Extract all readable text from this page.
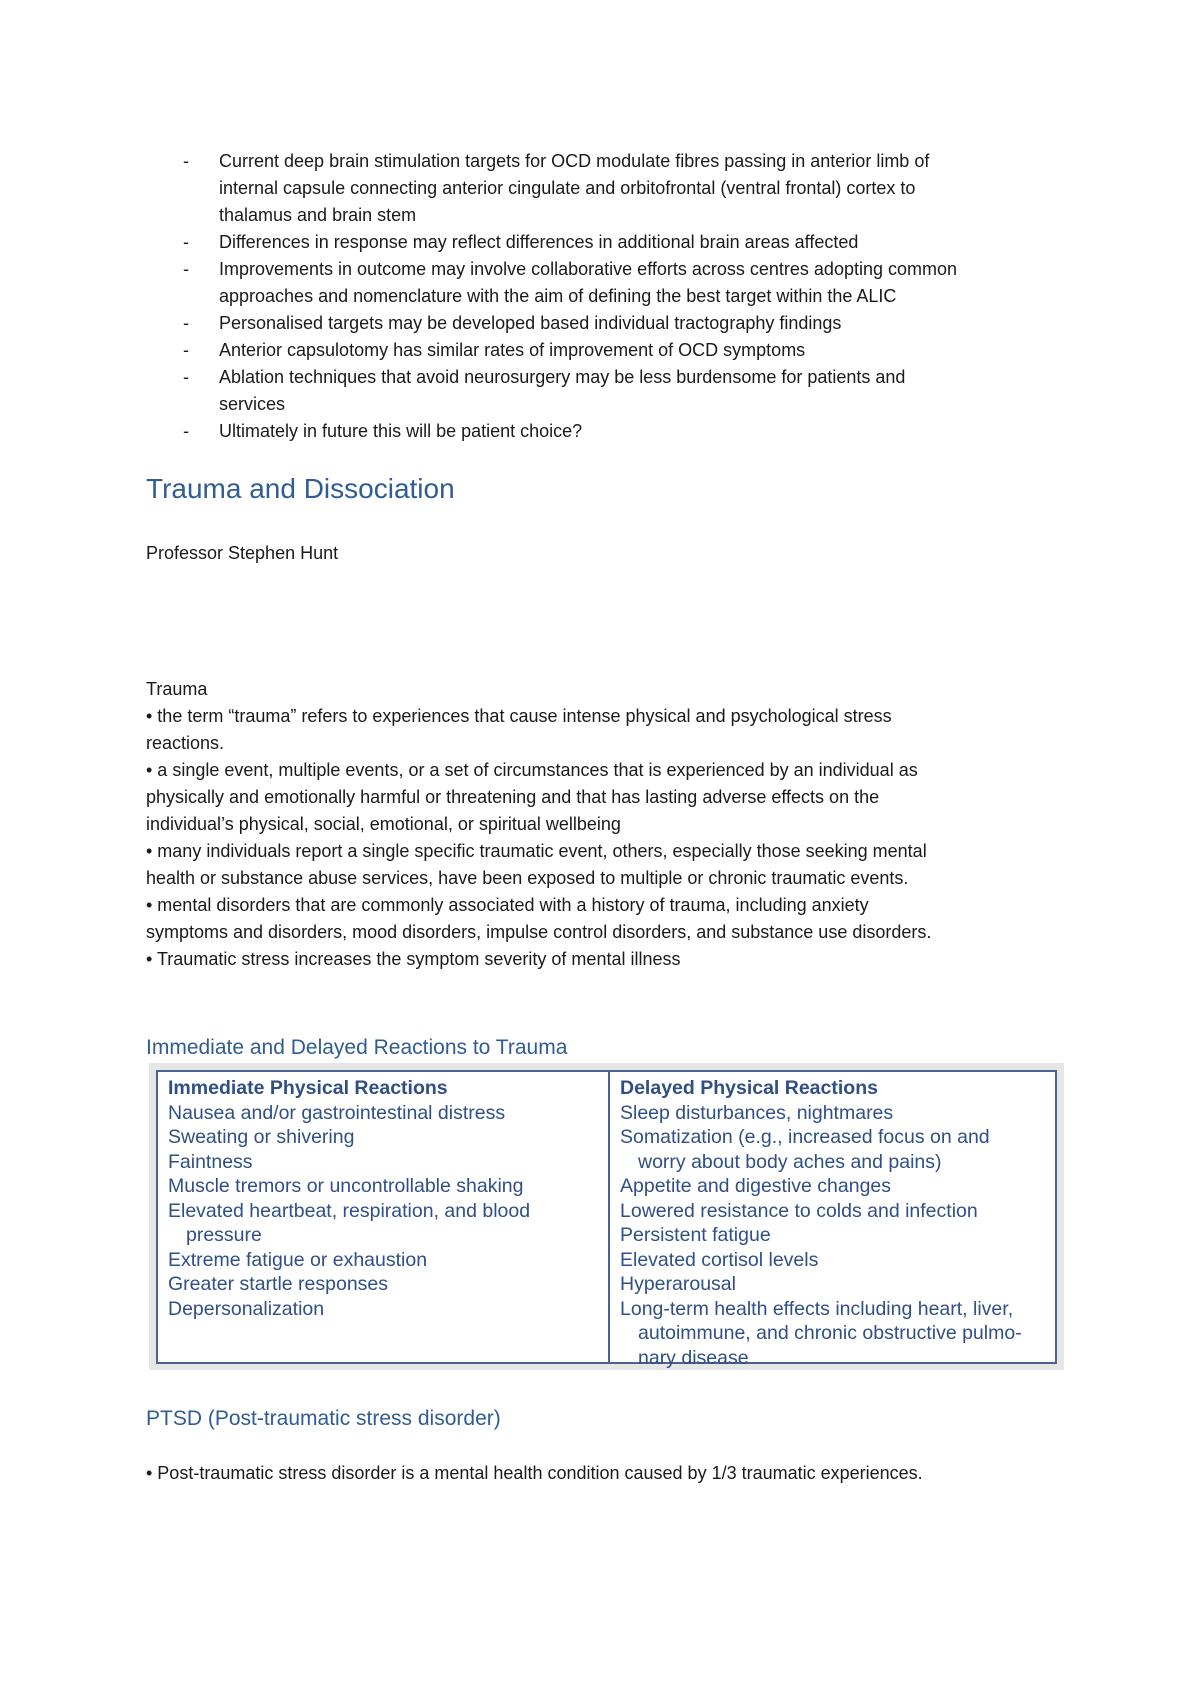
- Current deep brain stimulation targets for OCD modulate fibres passing in anterior limb of
internal capsule connecting anterior cingulate and orbitofrontal (ventral frontal) cortex to
thalamus and brain stem
- Differences in response may reflect differences in additional brain areas affected
- Improvements in outcome may involve collaborative efforts across centres adopting common
approaches and nomenclature with the aim of defining the best target within the ALIC
- Personalised targets may be developed based individual tractography findings
- Anterior capsulotomy has similar rates of improvement of OCD symptoms
- Ablation techniques that avoid neurosurgery may be less burdensome for patients and
services
- Ultimately in future this will be patient choice?
Trauma and Dissociation

Professor Stephen Hunt

Trauma

• the term “trauma” refers to experiences that cause intense physical and psychological stress

reactions.

• a single event, multiple events, or a set of circumstances that is experienced by an individual as

physically and emotionally harmful or threatening and that has lasting adverse effects on the

individual’s physical, social, emotional, or spiritual wellbeing

• many individuals report a single specific traumatic event, others, especially those seeking mental

health or substance abuse services, have been exposed to multiple or chronic traumatic events.

• mental disorders that are commonly associated with a history of trauma, including anxiety

symptoms and disorders, mood disorders, impulse control disorders, and substance use disorders.

• Traumatic stress increases the symptom severity of mental illness

Immediate and Delayed Reactions to Trauma
Immediate Physical Reactions
Nausea and/or gastrointestinal distress
Sweating or shivering
Faintness
Muscle tremors or uncontrollable shaking
Elevated heartbeat, respiration, and blood
pressure
Extreme fatigue or exhaustion
Greater startle responses
Depersonalization
Delayed Physical Reactions
Sleep disturbances, nightmares
Somatization (e.g., increased focus on and
worry about body aches and pains)
Appetite and digestive changes
Lowered resistance to colds and infection
Persistent fatigue
Elevated cortisol levels
Hyperarousal
Long-term health effects including heart, liver,
autoimmune, and chronic obstructive pulmo-
nary disease
PTSD (Post-traumatic stress disorder)

• Post-traumatic stress disorder is a mental health condition caused by 1/3 traumatic experiences.
